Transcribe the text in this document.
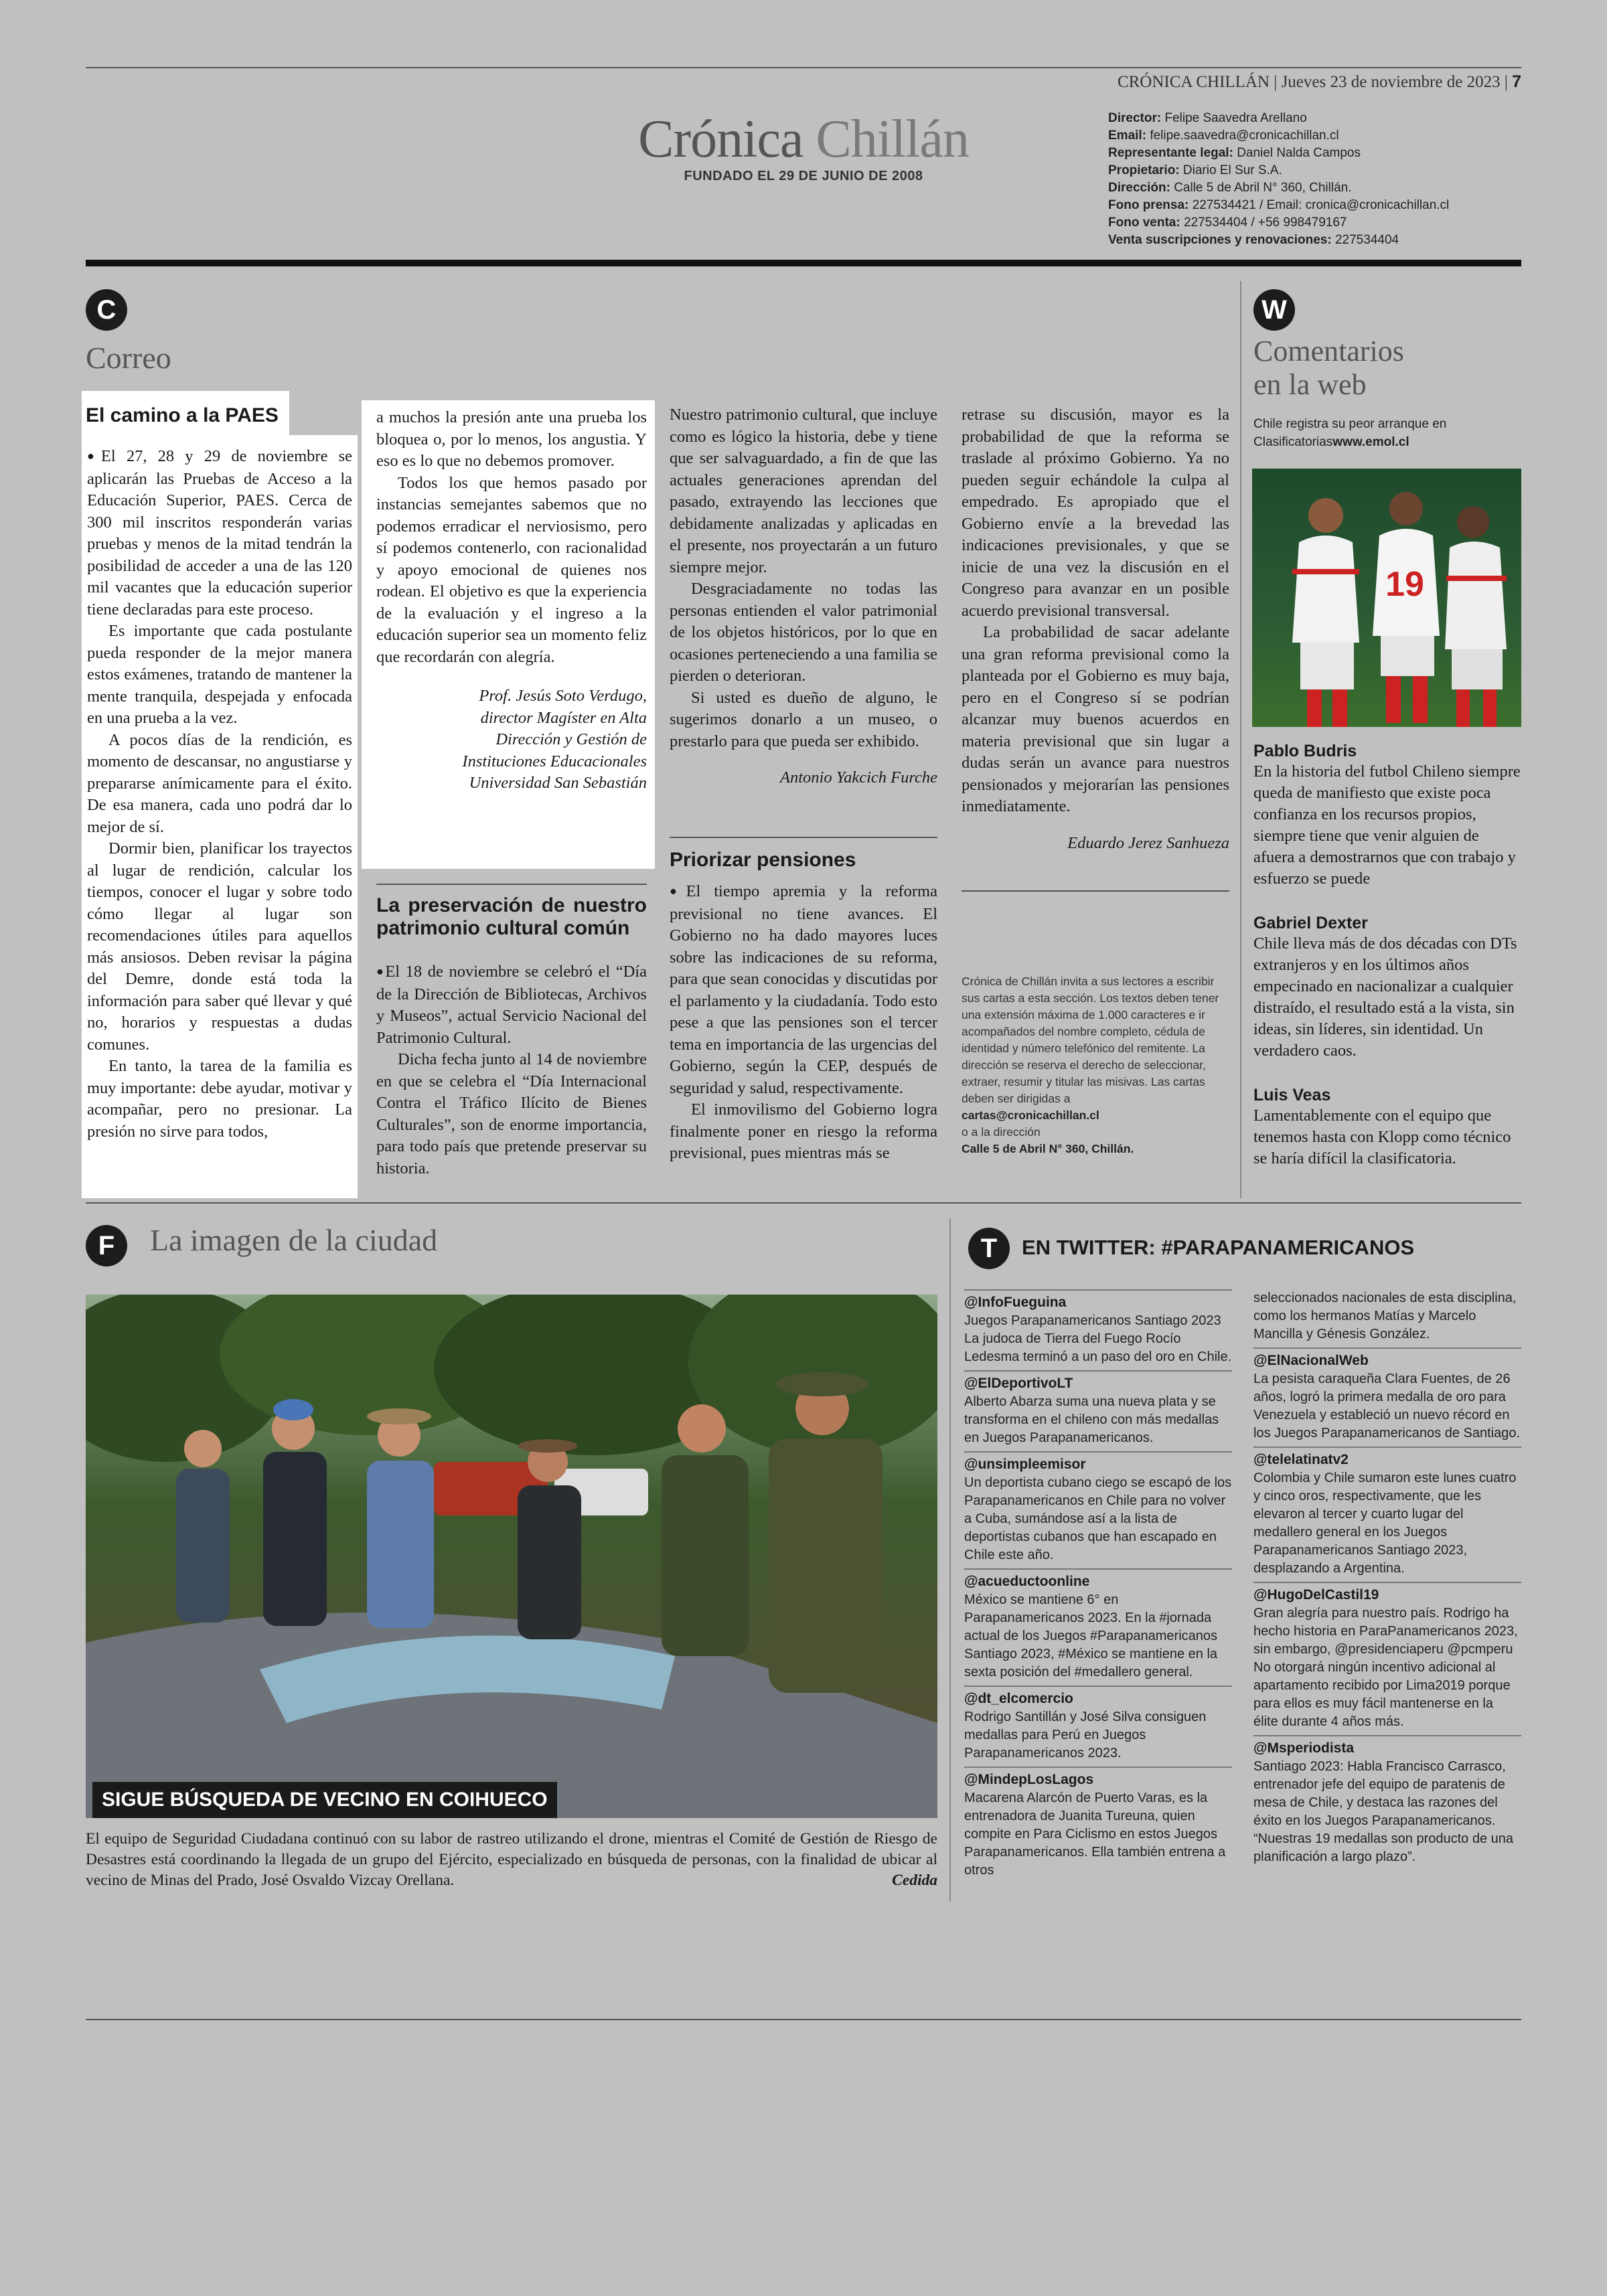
CRÓNICA CHILLÁN | Jueves 23 de noviembre de 2023 | 7
Crónica Chillán
FUNDADO EL 29 DE JUNIO DE 2008
Director: Felipe Saavedra Arellano
Email: felipe.saavedra@cronicachillan.cl
Representante legal: Daniel Nalda Campos
Propietario: Diario El Sur S.A.
Dirección: Calle 5 de Abril N° 360, Chillán.
Fono prensa: 227534421 / Email: cronica@cronicachillan.cl
Fono venta: 227534404 / +56 998479167
Venta suscripciones y renovaciones: 227534404
C
Correo
El camino a la PAES

● El 27, 28 y 29 de noviembre se aplicarán las Pruebas de Acceso a la Educación Superior, PAES. Cerca de 300 mil inscritos responderán varias pruebas y menos de la mitad tendrán la posibilidad de acceder a una de las 120 mil vacantes que la educación superior tiene declaradas para este proceso.

Es importante que cada postulante pueda responder de la mejor manera estos exámenes, tratando de mantener la mente tranquila, despejada y enfocada en una prueba a la vez.

A pocos días de la rendición, es momento de descansar, no angustiarse y prepararse anímicamente para el éxito. De esa manera, cada uno podrá dar lo mejor de sí.

Dormir bien, planificar los trayectos al lugar de rendición, calcular los tiempos, conocer el lugar y sobre todo cómo llegar al lugar son recomendaciones útiles para aquellos más ansiosos. Deben revisar la página del Demre, donde está toda la información para saber qué llevar y qué no, horarios y respuestas a dudas comunes.

En tanto, la tarea de la familia es muy importante: debe ayudar, motivar y acompañar, pero no presionar. La presión no sirve para todos,

a muchos la presión ante una prueba los bloquea o, por lo menos, los angustia. Y eso es lo que no debemos promover.

Todos los que hemos pasado por instancias semejantes sabemos que no podemos erradicar el nerviosismo, pero sí podemos contenerlo, con racionalidad y apoyo emocional de quienes nos rodean. El objetivo es que la experiencia de la evaluación y el ingreso a la educación superior sea un momento feliz que recordarán con alegría.

Prof. Jesús Soto Verdugo,

director Magíster en Alta

Dirección y Gestión de

Instituciones Educacionales

Universidad San Sebastián

La preservación de nuestro patrimonio cultural común

● El 18 de noviembre se celebró el “Día de la Dirección de Bibliotecas, Archivos y Museos”, actual Servicio Nacional del Patrimonio Cultural.

Dicha fecha junto al 14 de noviembre en que se celebra el “Día Internacional Contra el Tráfico Ilícito de Bienes Culturales”, son de enorme importancia, para todo país que pretende preservar su historia.

Nuestro patrimonio cultural, que incluye como es lógico la historia, debe y tiene que ser salvaguardado, a fin de que las actuales generaciones aprendan del pasado, extrayendo las lecciones que debidamente analizadas y aplicadas en el presente, nos proyectarán a un futuro siempre mejor.

Desgraciadamente no todas las personas entienden el valor patrimonial de los objetos históricos, por lo que en ocasiones perteneciendo a una familia se pierden o deterioran.

Si usted es dueño de alguno, le sugerimos donarlo a un museo, o prestarlo para que pueda ser exhibido.

Antonio Yakcich Furche

Priorizar pensiones

● El tiempo apremia y la reforma previsional no tiene avances. El Gobierno no ha dado mayores luces sobre las indicaciones de su reforma, para que sean conocidas y discutidas por el parlamento y la ciudadanía. Todo esto pese a que las pensiones son el tercer tema en importancia de las urgencias del Gobierno, según la CEP, después de seguridad y salud, respectivamente.

El inmovilismo del Gobierno logra finalmente poner en riesgo la reforma previsional, pues mientras más se

retrase su discusión, mayor es la probabilidad de que la reforma se traslade al próximo Gobierno. Ya no pueden seguir echándole la culpa al empedrado. Es apropiado que el Gobierno envíe a la brevedad las indicaciones previsionales, y que se inicie de una vez la discusión en el Congreso para avanzar en un posible acuerdo previsional transversal.

La probabilidad de sacar adelante una gran reforma previsional como la planteada por el Gobierno es muy baja, pero en el Congreso sí se podrían alcanzar muy buenos acuerdos en materia previsional que sin lugar a dudas serán un avance para nuestros pensionados y mejorarían las pensiones inmediatamente.

Eduardo Jerez Sanhueza

Crónica de Chillán invita a sus lectores a escribir sus cartas a esta sección. Los textos deben tener una extensión máxima de 1.000 caracteres e ir acompañados del nombre completo, cédula de identidad y número telefónico del remitente. La dirección se reserva el derecho de seleccionar, extraer, resumir y titular las misivas. Las cartas deben ser dirigidas a
cartas@cronicachillan.cl
o a la dirección
Calle 5 de Abril N° 360, Chillán.
W
Comentarios
en la web
Chile registra su peor arranque en Clasificatoriaswww.emol.cl
19
Pablo Budris
En la historia del futbol Chileno siempre queda de manifiesto que existe poca confianza en los recursos propios, siempre tiene que venir alguien de afuera a demostrarnos que con trabajo y esfuerzo se puede
Gabriel Dexter
Chile lleva más de dos décadas con DTs extranjeros y en los últimos años empecinado en nacionalizar a cualquier distraído, el resultado está a la vista, sin ideas, sin líderes, sin identidad. Un verdadero caos.
Luis Veas
Lamentablemente con el equipo que tenemos hasta con Klopp como técnico se haría difícil la clasificatoria.
F	La imagen de la ciudad
SIGUE BÚSQUEDA DE VECINO EN COIHUECO
El equipo de Seguridad Ciudadana continuó con su labor de rastreo utilizando el drone, mientras el Comité de Gestión de Riesgo de Desastres está coordinando la llegada de un grupo del Ejército, especializado en búsqueda de personas, con la finalidad de ubicar al vecino de Minas del Prado, José Osvaldo Vizcay Orellana.	Cedida
T	EN TWITTER: #PARAPANAMERICANOS
@InfoFueguina
Juegos Parapanamericanos Santiago 2023 La judoca de Tierra del Fuego Rocío Ledesma terminó a un paso del oro en Chile.
@ElDeportivoLT
Alberto Abarza suma una nueva plata y se transforma en el chileno con más medallas en Juegos Parapanamericanos.
@unsimpleemisor
Un deportista cubano ciego se escapó de los Parapanamericanos en Chile para no volver a Cuba, sumándose así a la lista de deportistas cubanos que han escapado en Chile este año.
@acueductoonline
México se mantiene 6° en Parapanamericanos 2023. En la #jornada actual de los Juegos #Parapanamericanos Santiago 2023, #México se mantiene en la sexta posición del #medallero general.
@dt_elcomercio
Rodrigo Santillán y José Silva consiguen medallas para Perú en Juegos Parapanamericanos 2023.
@MindepLosLagos
Macarena Alarcón de Puerto Varas, es la entrenadora de Juanita Tureuna, quien compite en Para Ciclismo en estos Juegos Parapanamericanos. Ella también entrena a otros
seleccionados nacionales de esta disciplina, como los hermanos Matías y Marcelo Mancilla y Génesis González.
@ElNacionalWeb
La pesista caraqueña Clara Fuentes, de 26 años, logró la primera medalla de oro para Venezuela y estableció un nuevo récord en los Juegos Parapanamericanos de Santiago.
@telelatinatv2
Colombia y Chile sumaron este lunes cuatro y cinco oros, respectivamente, que les elevaron al tercer y cuarto lugar del medallero general en los Juegos Parapanamericanos Santiago 2023, desplazando a Argentina.
@HugoDelCastil19
Gran alegría para nuestro país. Rodrigo ha hecho historia en ParaPanamericanos 2023, sin embargo, @presidenciaperu @pcmperu No otorgará ningún incentivo adicional al apartamento recibido por Lima2019 porque para ellos es muy fácil mantenerse en la élite durante 4 años más.
@Msperiodista
Santiago 2023: Habla Francisco Carrasco, entrenador jefe del equipo de paratenis de mesa de Chile, y destaca las razones del éxito en los Juegos Parapanamericanos. “Nuestras 19 medallas son producto de una planificación a largo plazo”.
